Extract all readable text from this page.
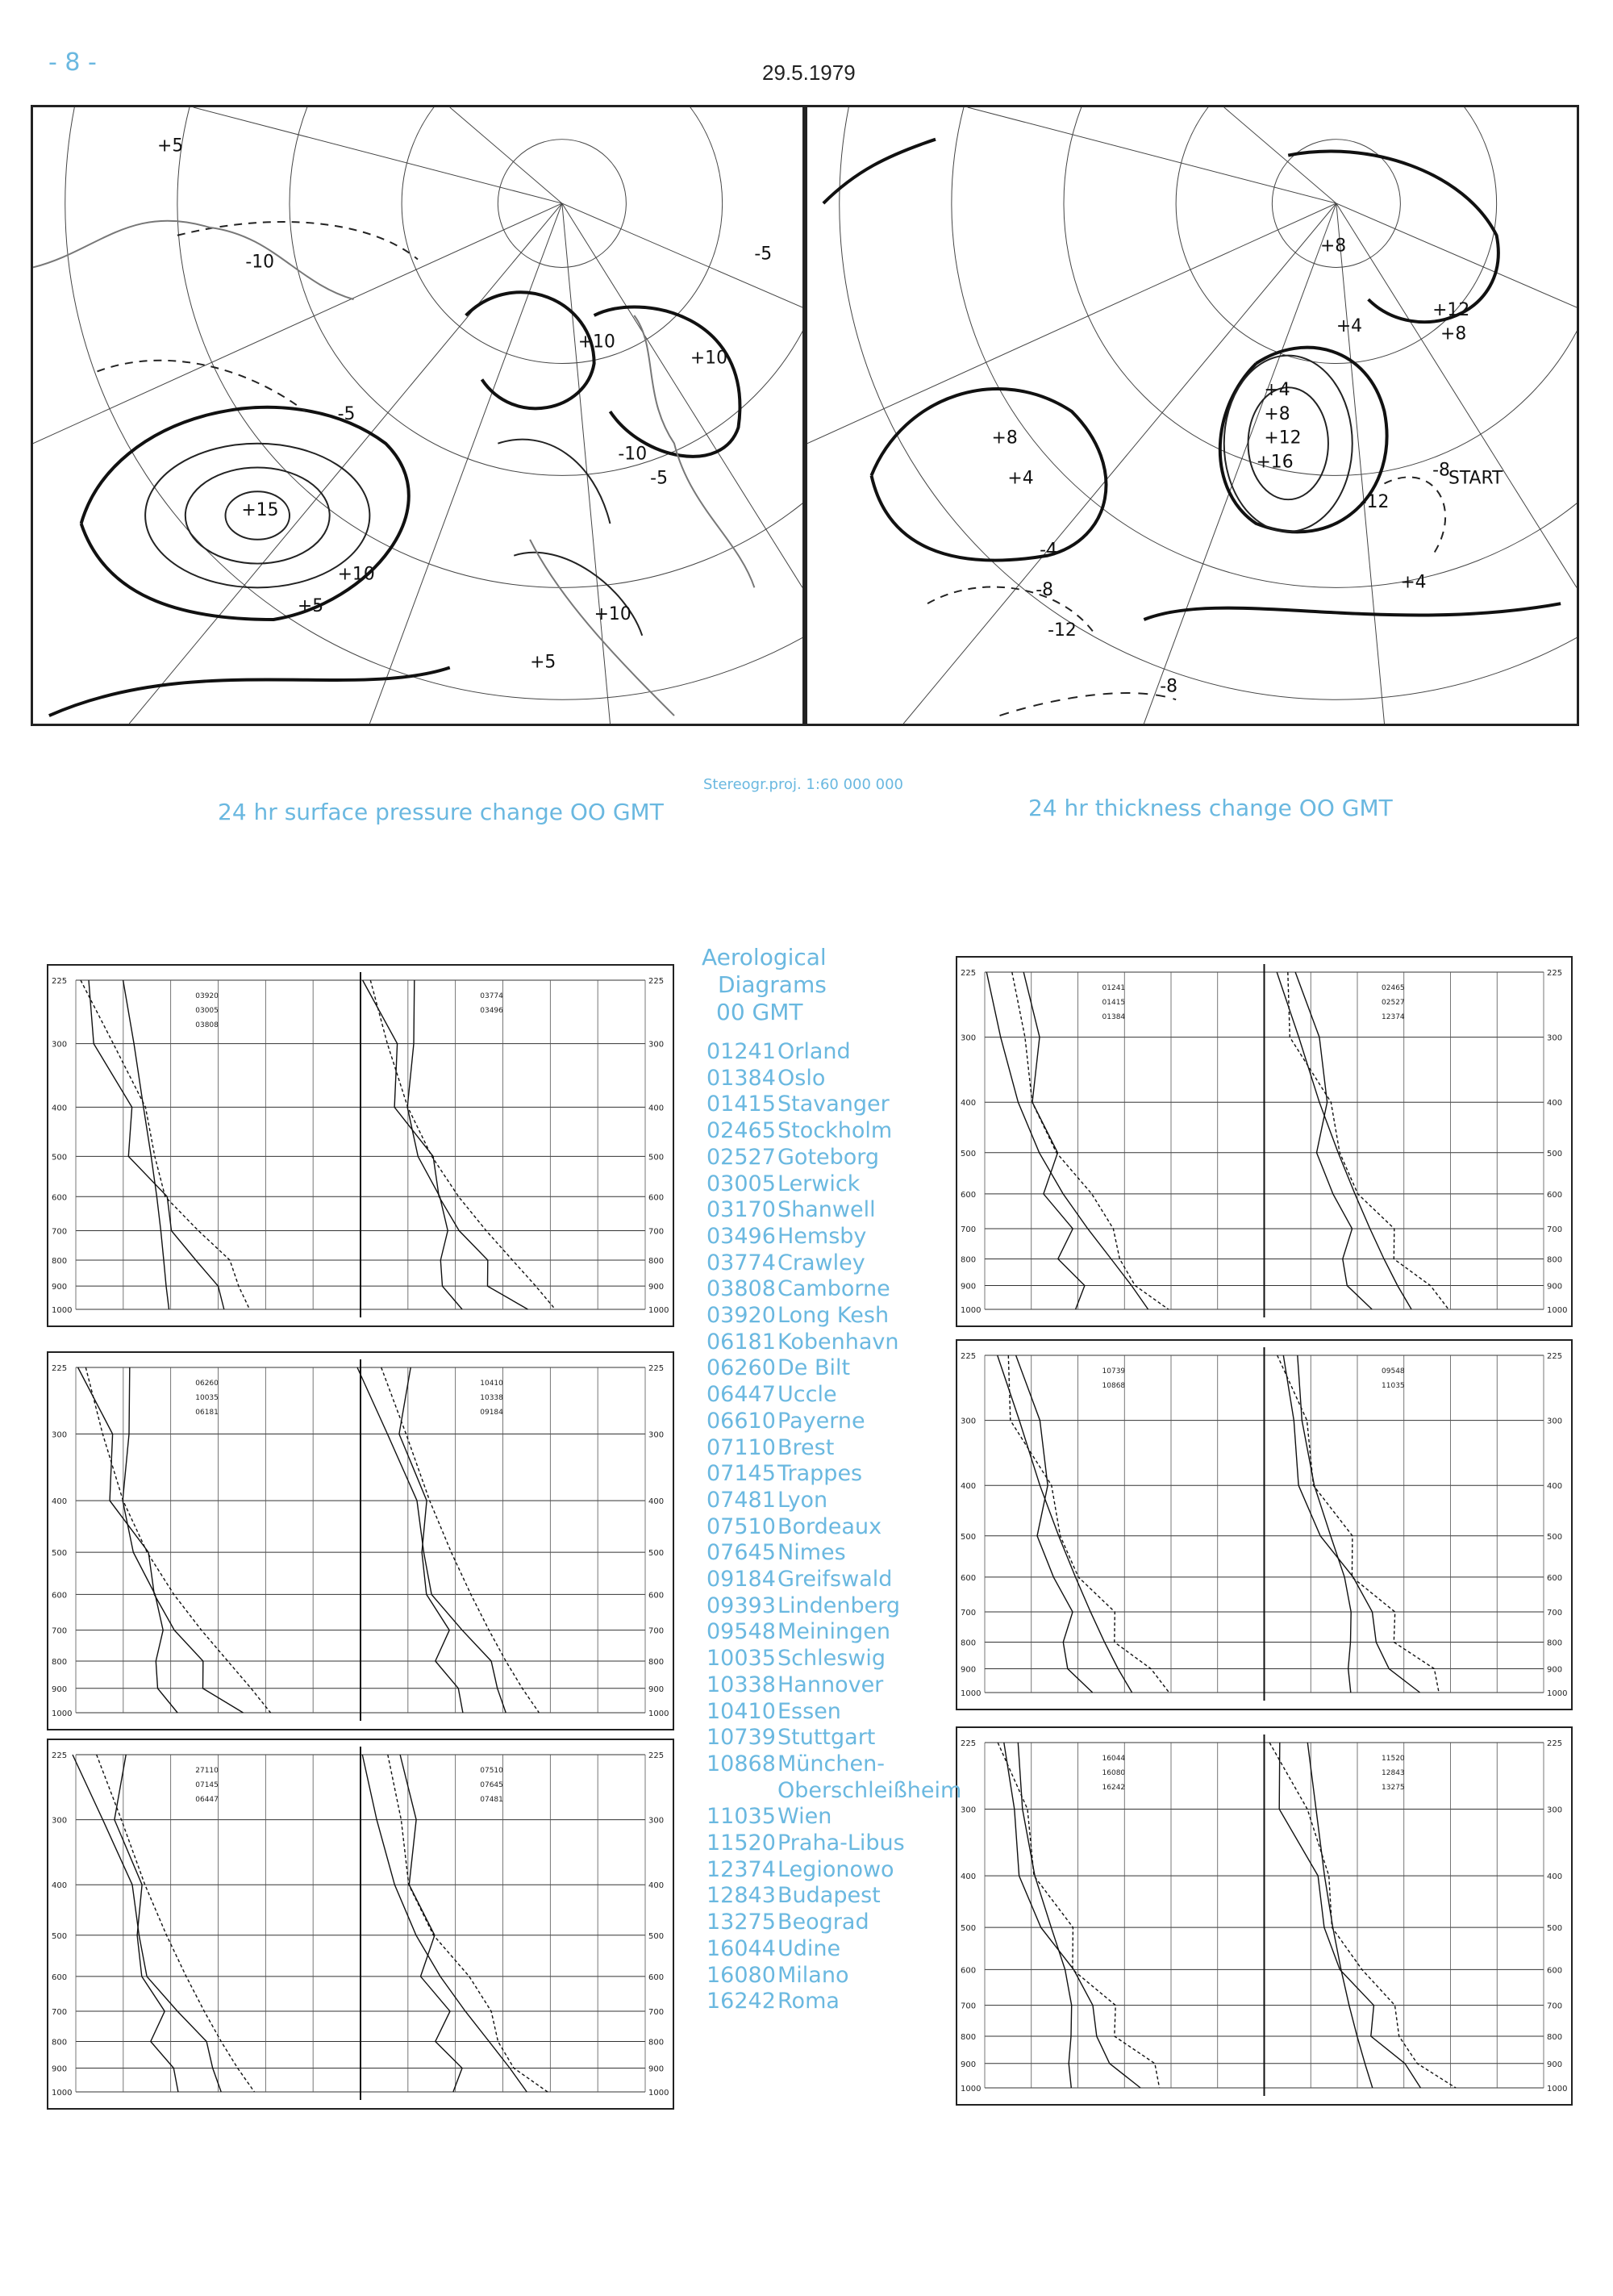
- 8 -	29.5.1979
+5
-10
+15
+10
+5
+10
-10
-5
+10
+5
-5
+10
-5
+8
+4
-4
-8
-12
+4
+8
+12
+16
+4
+8
+12
+8
+4
-8
-12
-8
START
24 hr surface pressure change OO GMT
Stereogr.proj. 1:60 000 000
24 hr thickness change OO GMT
225	225
300	300
400	400
500	500
600	600
700	700
800	800
900	900
1000	1000
03920
03005
03808
03774
03496
225	225
300	300
400	400
500	500
600	600
700	700
800	800
900	900
1000	1000
06260
10035
06181
10410
10338
09184
225	225
300	300
400	400
500	500
600	600
700	700
800	800
900	900
1000	1000
27110
07145
06447
07510
07645
07481
225	225
300	300
400	400
500	500
600	600
700	700
800	800
900	900
1000	1000
01241
01415
01384
02465
02527
12374
225	225
300	300
400	400
500	500
600	600
700	700
800	800
900	900
1000	1000
10739
10868
09548
11035
225	225
300	300
400	400
500	500
600	600
700	700
800	800
900	900
1000	1000
16044
16080
16242
11520
12843
13275
Aerological
Diagrams
00 GMT
01241Orland
01384Oslo
01415Stavanger
02465Stockholm
02527Goteborg
03005Lerwick
03170Shanwell
03496Hemsby
03774Crawley
03808Camborne
03920Long Kesh
06181Kobenhavn
06260De Bilt
06447Uccle
06610Payerne
07110Brest
07145Trappes
07481Lyon
07510Bordeaux
07645Nimes
09184Greifswald
09393Lindenberg
09548Meiningen
10035Schleswig
10338Hannover
10410Essen
10739Stuttgart
10868München-
Oberschleißheim
11035Wien
11520Praha-Libus
12374Legionowo
12843Budapest
13275Beograd
16044Udine
16080Milano
16242Roma
